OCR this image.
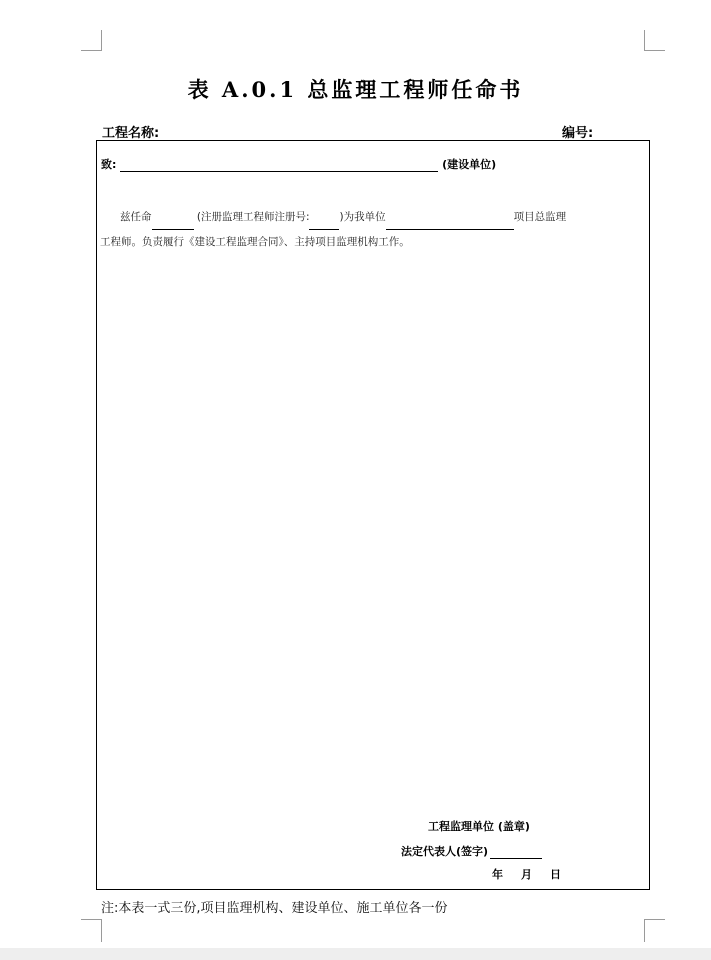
表 A.0.1 总监理工程师任命书
工程名称:	编号:
致:	(建设单位)
兹任命	(注册监理工程师注册号:	)为我单位	项目总监理
工程师。负责履行《建设工程监理合同》、主持项目监理机构工作。
工程监理单位 (盖章)
法定代表人(签字)
年 月 日
注:本表一式三份,项目监理机构、建设单位、施工单位各一份
